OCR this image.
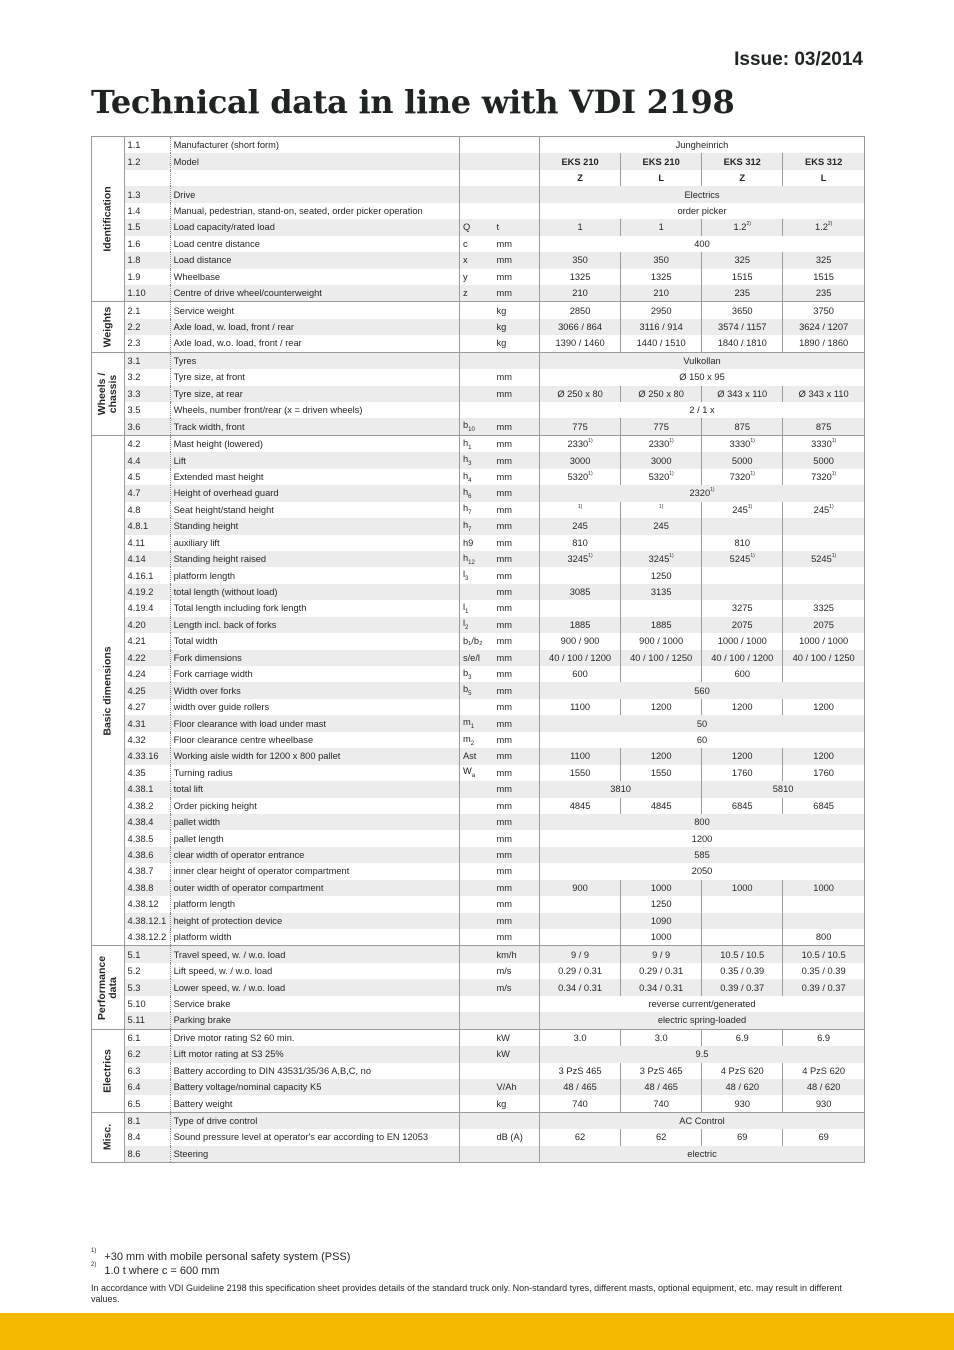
Issue: 03/2014
Technical data in line with VDI 2198
Identification	1.1	Manufacturer (short form)			Jungheinrich			
	1.2	Model			EKS 210	EKS 210	EKS 312	EKS 312
					Z	L	Z	L
	1.3	Drive			Electrics			
	1.4	Manual, pedestrian, stand-on, seated, order picker operation			order picker			
	1.5	Load capacity/rated load	Q	t	1	1	1.2$^{2)}$	1.2$^{2)}$
	1.6	Load centre distance	c	mm	400			
	1.8	Load distance	x	mm	350	350	325	325
	1.9	Wheelbase	y	mm	1325	1325	1515	1515
	1.10	Centre of drive wheel/counterweight	z	mm	210	210	235	235

Weights	2.1	Service weight		kg	2850	2950	3650	3750
	2.2	Axle load, w. load, front / rear		kg	3066 / 864	3116 / 914	3574 / 1157	3624 / 1207
	2.3	Axle load, w.o. load, front / rear		kg	1390 / 1460	1440 / 1510	1840 / 1810	1890 / 1860

Wheels / chassis	3.1	Tyres			Vulkollan			
	3.2	Tyre size, at front		mm	Ø 150 x 95			
	3.3	Tyre size, at rear		mm	Ø 250 x 80	Ø 250 x 80	Ø 343 x 110	Ø 343 x 110
	3.5	Wheels, number front/rear (x = driven wheels)			2 / 1 x			
	3.6	Track width, front	$b_{10}$	mm	775	775	875	875

Basic dimensions	4.2	Mast height (lowered)	$h_1$	mm	2330$^{1)}$	2330$^{1)}$	3330$^{1)}$	3330$^{1)}$
	4.4	Lift	$h_3$	mm	3000	3000	5000	5000
	4.5	Extended mast height	$h_4$	mm	5320$^{1)}$	5320$^{1)}$	7320$^{1)}$	7320$^{1)}$
	4.7	Height of overhead guard	$h_6$	mm	2320$^{1)}$
	4.8	Seat height/stand height	$h_7$	mm	$^{1)}$	$^{1)}$	245$^{1)}$	245$^{1)}$
	4.8.1	Standing height	$h_7$	mm	245	245		
	4.11	auxiliary lift	h9	mm	810		810	
	4.14	Standing height raised	$h_{12}$	mm	3245$^{1)}$	3245$^{1)}$	5245$^{1)}$	5245$^{1)}$
	4.16.1	platform length	$l_3$	mm		1250		
	4.19.2	total length (without load)		mm	3085	3135		
	4.19.4	Total length including fork length	$l_1$	mm			3275	3325
	4.20	Length incl. back of forks	$l_2$	mm	1885	1885	2075	2075
	4.21	Total width	b₁/b₂	mm	900 / 900	900 / 1000	1000 / 1000	1000 / 1000
	4.22	Fork dimensions	s/e/l	mm	40 / 100 / 1200	40 / 100 / 1250	40 / 100 / 1200	40 / 100 / 1250
	4.24	Fork carriage width	$b_3$	mm	600		600	
	4.25	Width over forks	$b_5$	mm	560			
	4.27	width over guide rollers		mm	1100	1200	1200	1200
	4.31	Floor clearance with load under mast	$m_1$	mm	50			
	4.32	Floor clearance centre wheelbase	$m_2$	mm	60			
	4.33.16	Working aisle width for 1200 x 800 pallet	Ast	mm	1100	1200	1200	1200
	4.35	Turning radius	$W_a$	mm	1550	1550	1760	1760
	4.38.1	total lift		mm	3810		5810	
	4.38.2	Order picking height		mm	4845	4845	6845	6845
	4.38.4	pallet width		mm	800			
	4.38.5	pallet length		mm	1200			
	4.38.6	clear width of operator entrance		mm	585			
	4.38.7	inner clear height of operator compartment		mm	2050			
	4.38.8	outer width of operator compartment		mm	900	1000	1000	1000
	4.38.12	platform length		mm		1250		
	4.38.12.1	height of protection device		mm		1090		
	4.38.12.2	platform width		mm		1000		800

Performance data	5.1	Travel speed, w. / w.o. load		km/h	9 / 9	9 / 9	10.5 / 10.5	10.5 / 10.5
	5.2	Lift speed, w. / w.o. load		m/s	0.29 / 0.31	0.29 / 0.31	0.35 / 0.39	0.35 / 0.39
	5.3	Lower speed, w. / w.o. load		m/s	0.34 / 0.31	0.34 / 0.31	0.39 / 0.37	0.39 / 0.37
	5.10	Service brake			reverse current/generated			
	5.11	Parking brake			electric spring-loaded			

Electrics	6.1	Drive motor rating S2 60 min.		kW	3.0	3.0	6.9	6.9
	6.2	Lift motor rating at S3 25%		kW	9.5			
	6.3	Battery according to DIN 43531/35/36 A,B,C, no			3 PzS 465	3 PzS 465	4 PzS 620	4 PzS 620
	6.4	Battery voltage/nominal capacity K5		V/Ah	48 / 465	48 / 465	48 / 620	48 / 620
	6.5	Battery weight		kg	740	740	930	930

Misc.	8.1	Type of drive control			AC Control			
	8.4	Sound pressure level at operator's ear according to EN 12053		dB (A)	62	62	69	69
	8.6	Steering			electric			
$^{1)}$ +30 mm with mobile personal safety system (PSS)
$^{2)}$ 1.0 t where c = 600 mm
In accordance with VDI Guideline 2198 this specification sheet provides details of the standard truck only. Non-standard tyres, different masts, optional equipment, etc. may result in different values.
